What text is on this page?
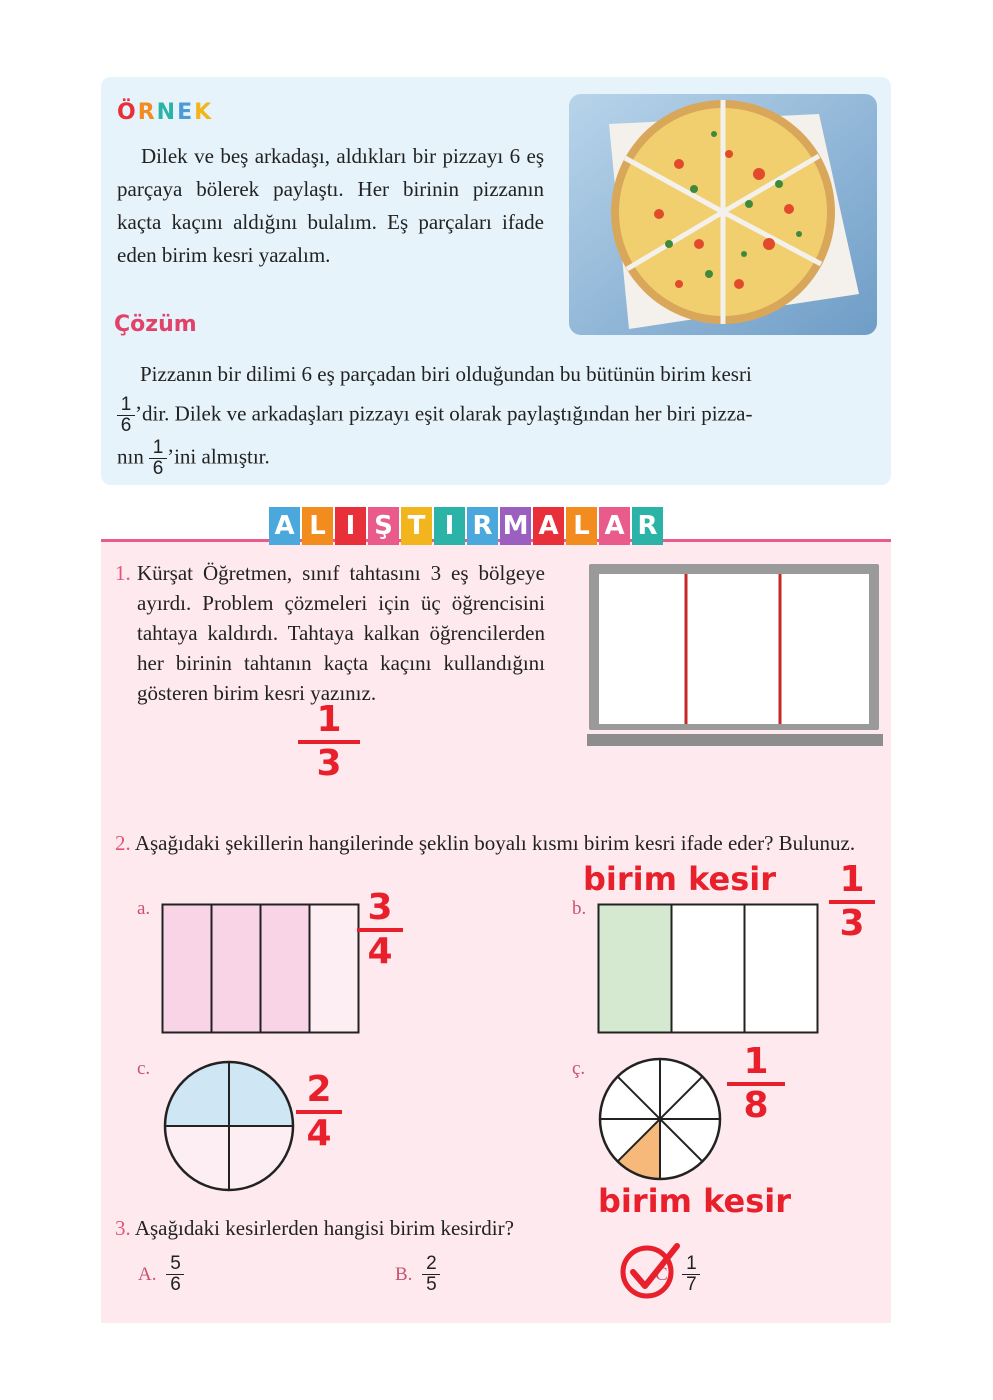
ÖRNEK
Dilek ve beş arkadaşı, aldıkları bir pizzayı 6 eş parçaya bölerek paylaştı. Her birinin pizzanın kaçta kaçını aldığını bulalım. Eş parçaları ifade eden birim kesri yazalım.
Çözüm
Pizzanın bir dilimi 6 eş parçadan biri olduğundan bu bütünün birim kesri
$\frac{1}{6}$ ’dir. Dilek ve arkadaşları pizzayı eşit olarak paylaştığından her biri pizza-
nın $\frac{1}{6}$ ’ini almıştır.
A L I Ş T I R M A L A R
1. Kürşat Öğretmen, sınıf tahtasını 3 eş bölgeye ayırdı. Problem çözmeleri için üç öğrencisini tahtaya kaldırdı. Tahtaya kalkan öğrencilerden her birinin tahtanın kaçta kaçını kullandığını gösteren birim kesri yazınız.
1
3
2. Aşağıdaki şekillerin hangilerinde şeklin boyalı kısmı birim kesri ifade eder? Bulunuz.
a.	3
4
birim kesir
b.
1
3
c.
2
4
ç.	1
8
birim kesir
3. Aşağıdaki kesirlerden hangisi birim kesirdir?
A. $\frac{5}{6}$	B. $\frac{2}{5}$	C. $\frac{1}{7}$
